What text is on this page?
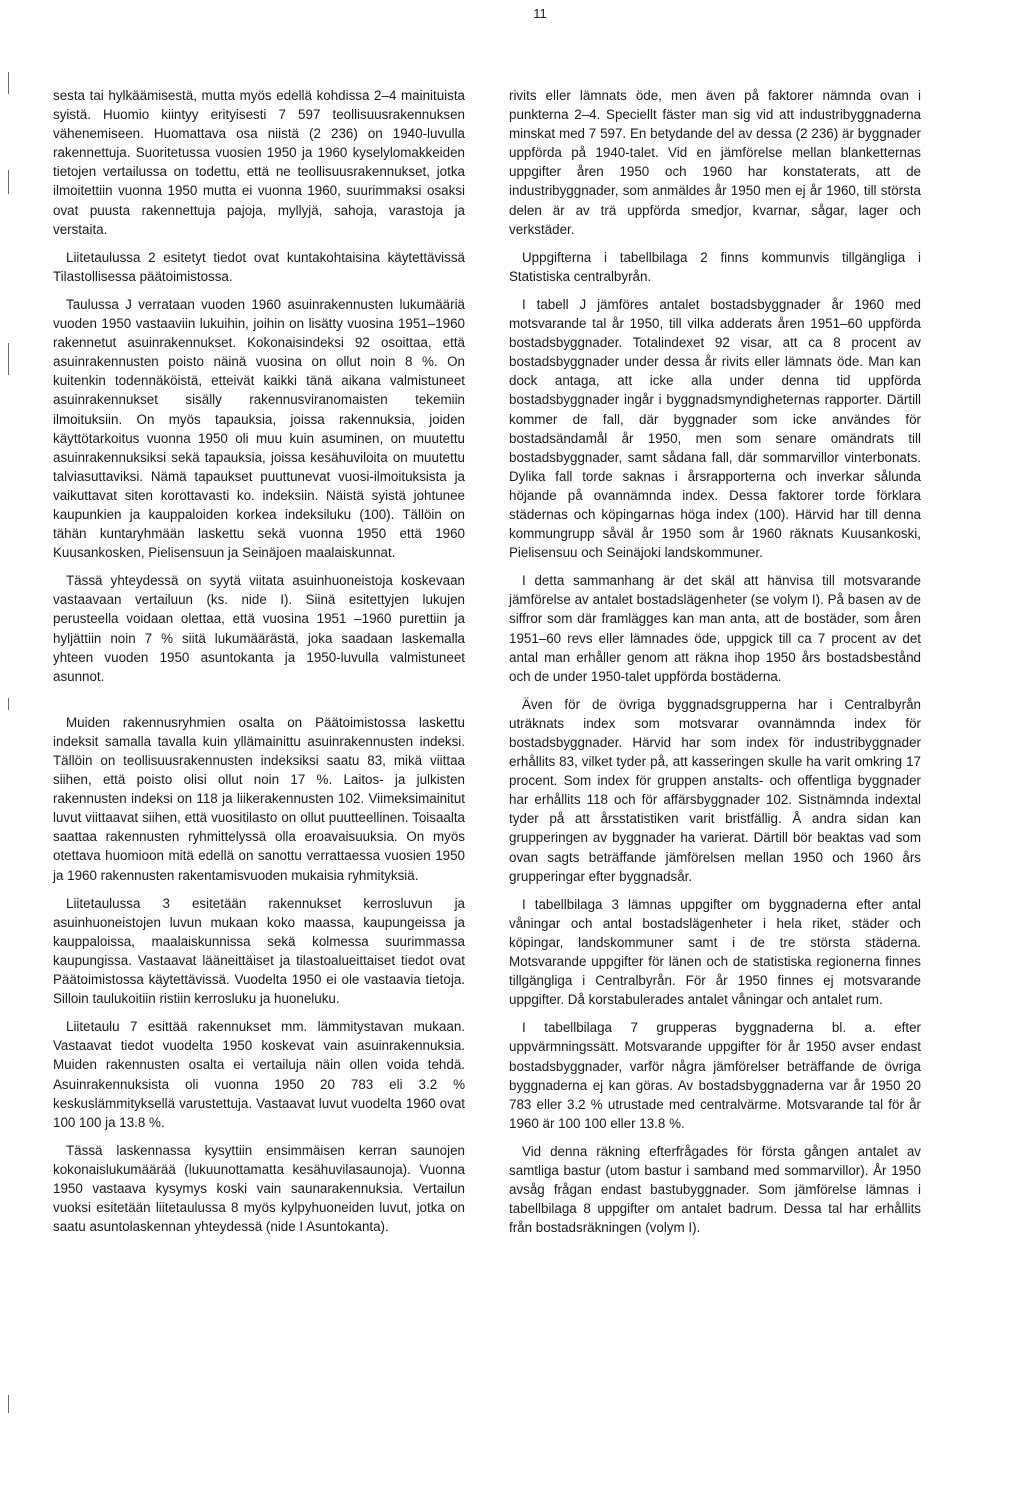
11

sesta tai hylkäämisestä, mutta myös edellä kohdissa 2–4 mainituista syistä. Huomio kiintyy erityisesti 7 597 teollisuusrakennuksen vähenemiseen. Huomattava osa niistä (2 236) on 1940-luvulla rakennettuja. Suoritetussa vuosien 1950 ja 1960 kyselylomakkeiden tietojen vertailussa on todettu, että ne teollisuusrakennukset, jotka ilmoitettiin vuonna 1950 mutta ei vuonna 1960, suurimmaksi osaksi ovat puusta rakennettuja pajoja, myllyjä, sahoja, varastoja ja verstaita.

Liitetaulussa 2 esitetyt tiedot ovat kuntakohtaisina käytettävissä Tilastollisessa päätoimistossa.

Taulussa J verrataan vuoden 1960 asuinrakennusten lukumääriä vuoden 1950 vastaaviin lukuihin, joihin on lisätty vuosina 1951–1960 rakennetut asuinrakennukset. Kokonaisindeksi 92 osoittaa, että asuinrakennusten poisto näinä vuosina on ollut noin 8 %. On kuitenkin todennäköistä, etteivät kaikki tänä aikana valmistuneet asuinrakennukset sisälly rakennusviranomaisten tekemiin ilmoituksiin. On myös tapauksia, joissa rakennuksia, joiden käyttötarkoitus vuonna 1950 oli muu kuin asuminen, on muutettu asuinrakennuksiksi sekä tapauksia, joissa kesähuviloita on muutettu talviasuttaviksi. Nämä tapaukset puuttunevat vuosi-ilmoituksista ja vaikuttavat siten korottavasti ko. indeksiin. Näistä syistä johtunee kaupunkien ja kauppaloiden korkea indeksiluku (100). Tällöin on tähän kuntaryhmään laskettu sekä vuonna 1950 että 1960 Kuusankosken, Pielisensuun ja Seinäjoen maalaiskunnat.

Tässä yhteydessä on syytä viitata asuinhuoneistoja koskevaan vastaavaan vertailuun (ks. nide I). Siinä esitettyjen lukujen perusteella voidaan olettaa, että vuosina 1951 –1960 purettiin ja hyljättiin noin 7 % siitä lukumäärästä, joka saadaan laskemalla yhteen vuoden 1950 asuntokanta ja 1950-luvulla valmistuneet asunnot.

Muiden rakennusryhmien osalta on Päätoimistossa laskettu indeksit samalla tavalla kuin yllämainittu asuinrakennusten indeksi. Tällöin on teollisuusrakennusten indeksiksi saatu 83, mikä viittaa siihen, että poisto olisi ollut noin 17 %. Laitos- ja julkisten rakennusten indeksi on 118 ja liikerakennusten 102. Viimeksimainitut luvut viittaavat siihen, että vuositilasto on ollut puutteellinen. Toisaalta saattaa rakennusten ryhmittelyssä olla eroavaisuuksia. On myös otettava huomioon mitä edellä on sanottu verrattaessa vuosien 1950 ja 1960 rakennusten rakentamisvuoden mukaisia ryhmityksiä.

Liitetaulussa 3 esitetään rakennukset kerrosluvun ja asuinhuoneistojen luvun mukaan koko maassa, kaupungeissa ja kauppaloissa, maalaiskunnissa sekä kolmessa suurimmassa kaupungissa. Vastaavat lääneittäiset ja tilastoalueittaiset tiedot ovat Päätoimistossa käytettävissä. Vuodelta 1950 ei ole vastaavia tietoja. Silloin taulukoitiin ristiin kerrosluku ja huoneluku.

Liitetaulu 7 esittää rakennukset mm. lämmitystavan mukaan. Vastaavat tiedot vuodelta 1950 koskevat vain asuinrakennuksia. Muiden rakennusten osalta ei vertailuja näin ollen voida tehdä. Asuinrakennuksista oli vuonna 1950 20 783 eli 3.2 % keskuslämmityksellä varustettuja. Vastaavat luvut vuodelta 1960 ovat 100 100 ja 13.8 %.

Tässä laskennassa kysyttiin ensimmäisen kerran saunojen kokonaislukumäärää (lukuunottamatta kesähuvilasaunoja). Vuonna 1950 vastaava kysymys koski vain saunarakennuksia. Vertailun vuoksi esitetään liitetaulussa 8 myös kylpyhuoneiden luvut, jotka on saatu asuntolaskennan yhteydessä (nide I Asuntokanta).

rivits eller lämnats öde, men även på faktorer nämnda ovan i punkterna 2–4. Speciellt fäster man sig vid att industribyggnaderna minskat med 7 597. En betydande del av dessa (2 236) är byggnader uppförda på 1940-talet. Vid en jämförelse mellan blanketternas uppgifter åren 1950 och 1960 har konstaterats, att de industribyggnader, som anmäldes år 1950 men ej år 1960, till största delen är av trä uppförda smedjor, kvarnar, sågar, lager och verkstäder.

Uppgifterna i tabellbilaga 2 finns kommunvis tillgängliga i Statistiska centralbyrån.

I tabell J jämföres antalet bostadsbyggnader år 1960 med motsvarande tal år 1950, till vilka adderats åren 1951–60 uppförda bostadsbyggnader. Totalindexet 92 visar, att ca 8 procent av bostadsbyggnader under dessa år rivits eller lämnats öde. Man kan dock antaga, att icke alla under denna tid uppförda bostadsbyggnader ingår i byggnadsmyndigheternas rapporter. Därtill kommer de fall, där byggnader som icke användes för bostadsändamål år 1950, men som senare omändrats till bostadsbyggnader, samt sådana fall, där sommarvillor vinterbonats. Dylika fall torde saknas i årsrapporterna och inverkar sålunda höjande på ovannämnda index. Dessa faktorer torde förklara städernas och köpingarnas höga index (100). Härvid har till denna kommungrupp såväl år 1950 som år 1960 räknats Kuusankoski, Pielisensuu och Seinäjoki landskommuner.

I detta sammanhang är det skäl att hänvisa till motsvarande jämförelse av antalet bostadslägenheter (se volym I). På basen av de siffror som där framlägges kan man anta, att de bostäder, som åren 1951–60 revs eller lämnades öde, uppgick till ca 7 procent av det antal man erhåller genom att räkna ihop 1950 års bostadsbestånd och de under 1950-talet uppförda bostäderna.

Även för de övriga byggnadsgrupperna har i Centralbyrån uträknats index som motsvarar ovannämnda index för bostadsbyggnader. Härvid har som index för industribyggnader erhållits 83, vilket tyder på, att kasseringen skulle ha varit omkring 17 procent. Som index för gruppen anstalts- och offentliga byggnader har erhållits 118 och för affärsbyggnader 102. Sistnämnda indextal tyder på att årsstatistiken varit bristfällig. Å andra sidan kan grupperingen av byggnader ha varierat. Därtill bör beaktas vad som ovan sagts beträffande jämförelsen mellan 1950 och 1960 års grupperingar efter byggnadsår.

I tabellbilaga 3 lämnas uppgifter om byggnaderna efter antal våningar och antal bostadslägenheter i hela riket, städer och köpingar, landskommuner samt i de tre största städerna. Motsvarande uppgifter för länen och de statistiska regionerna finnes tillgängliga i Centralbyrån. För år 1950 finnes ej motsvarande uppgifter. Då korstabulerades antalet våningar och antalet rum.

I tabellbilaga 7 grupperas byggnaderna bl. a. efter uppvärmningssätt. Motsvarande uppgifter för år 1950 avser endast bostadsbyggnader, varför några jämförelser beträffande de övriga byggnaderna ej kan göras. Av bostadsbyggnaderna var år 1950 20 783 eller 3.2 % utrustade med centralvärme. Motsvarande tal för år 1960 är 100 100 eller 13.8 %.

Vid denna räkning efterfrågades för första gången antalet av samtliga bastur (utom bastur i samband med sommarvillor). År 1950 avsåg frågan endast bastubyggnader. Som jämförelse lämnas i tabellbilaga 8 uppgifter om antalet badrum. Dessa tal har erhållits från bostadsräkningen (volym I).
